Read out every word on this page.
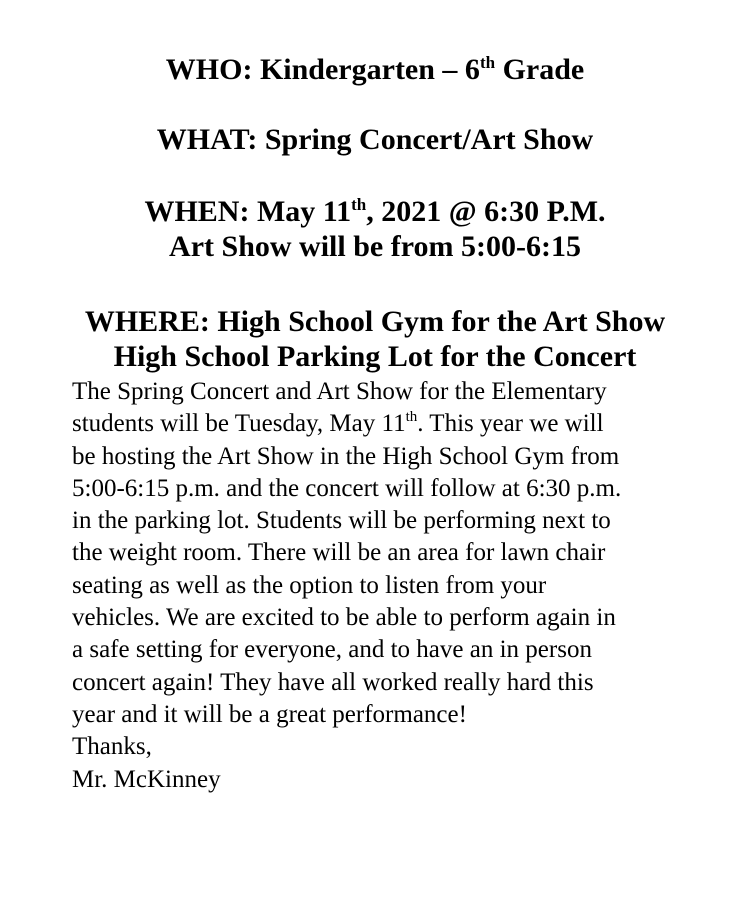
WHO: Kindergarten – 6th Grade

WHAT: Spring Concert/Art Show

WHEN: May 11th, 2021 @ 6:30 P.M.

Art Show will be from 5:00-6:15

WHERE: High School Gym for the Art Show

High School Parking Lot for the Concert

The Spring Concert and Art Show for the Elementary
students will be Tuesday, May 11th. This year we will
be hosting the Art Show in the High School Gym from
5:00-6:15 p.m. and the concert will follow at 6:30 p.m.
in the parking lot. Students will be performing next to
the weight room. There will be an area for lawn chair
seating as well as the option to listen from your
vehicles. We are excited to be able to perform again in
a safe setting for everyone, and to have an in person
concert again! They have all worked really hard this
year and it will be a great performance!
Thanks,
Mr. McKinney
